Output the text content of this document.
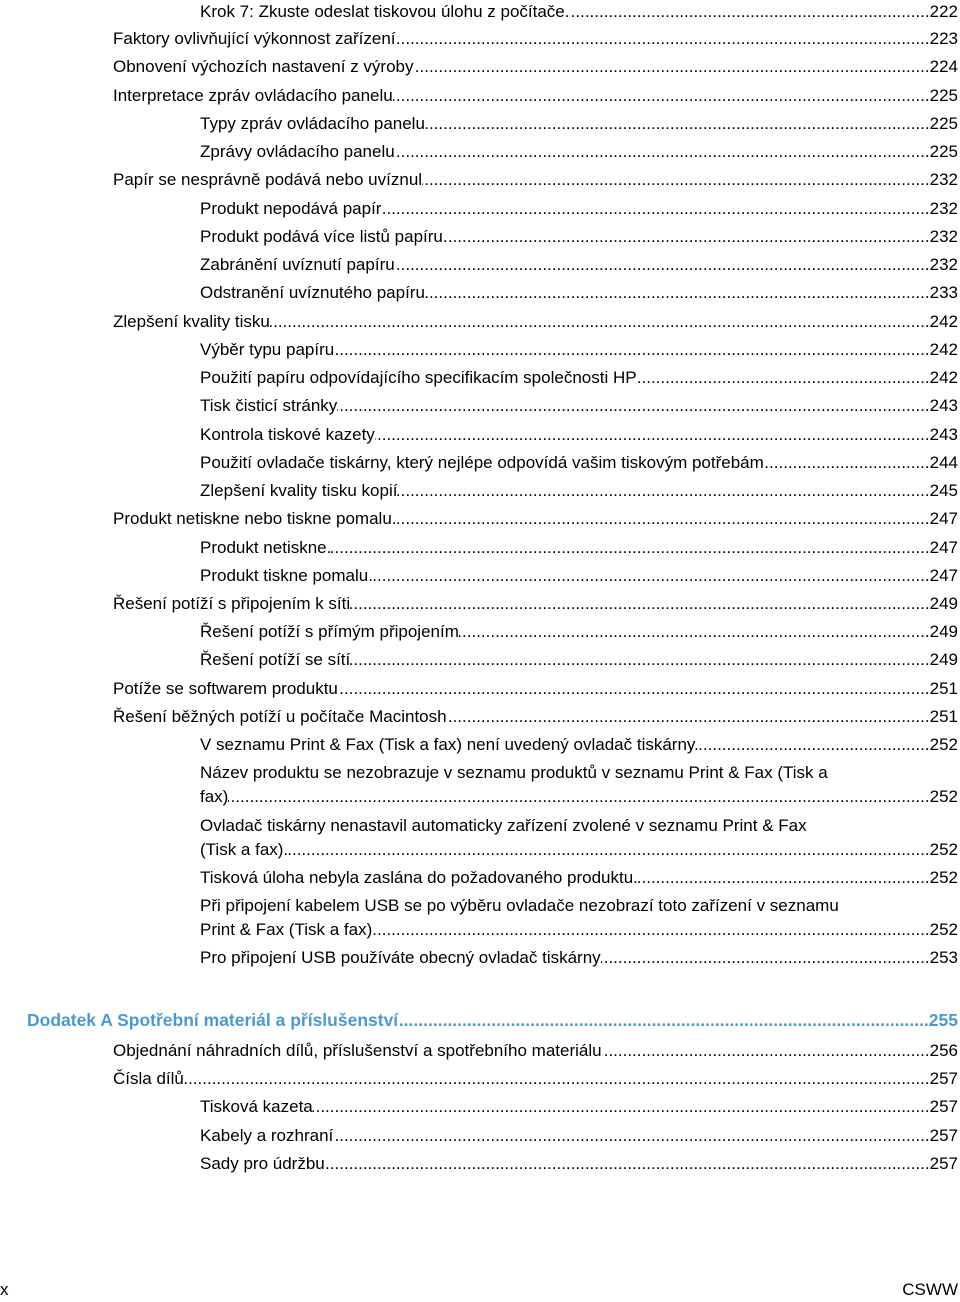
Krok 7: Zkuste odeslat tiskovou úlohu z počítače. .....	222
Faktory ovlivňující výkonnost zařízení .....	223
Obnovení výchozích nastavení z výroby .....	224
Interpretace zpráv ovládacího panelu .....	225
Typy zpráv ovládacího panelu .....	225
Zprávy ovládacího panelu .....	225
Papír se nesprávně podává nebo uvíznul .....	232
Produkt nepodává papír .....	232
Produkt podává více listů papíru. .....	232
Zabránění uvíznutí papíru .....	232
Odstranění uvíznutého papíru .....	233
Zlepšení kvality tisku .....	242
Výběr typu papíru .....	242
Použití papíru odpovídajícího specifikacím společnosti HP .....	242
Tisk čisticí stránky .....	243
Kontrola tiskové kazety .....	243
Použití ovladače tiskárny, který nejlépe odpovídá vašim tiskovým potřebám .....	244
Zlepšení kvality tisku kopií .....	245
Produkt netiskne nebo tiskne pomalu. .....	247
Produkt netiskne. .....	247
Produkt tiskne pomalu. .....	247
Řešení potíží s připojením k síti .....	249
Řešení potíží s přímým připojením .....	249
Řešení potíží se sítí .....	249
Potíže se softwarem produktu .....	251
Řešení běžných potíží u počítače Macintosh .....	251
V seznamu Print & Fax (Tisk a fax) není uvedený ovladač tiskárny. .....	252
Název produktu se nezobrazuje v seznamu produktů v seznamu Print & Fax (Tisk a
fax) .....	252
Ovladač tiskárny nenastavil automaticky zařízení zvolené v seznamu Print & Fax
(Tisk a fax). .....	252
Tisková úloha nebyla zaslána do požadovaného produktu. .....	252
Při připojení kabelem USB se po výběru ovladače nezobrazí toto zařízení v seznamu
Print & Fax (Tisk a fax). .....	252
Pro připojení USB používáte obecný ovladač tiskárny .....	253
Dodatek A Spotřební materiál a příslušenství .....	255
Objednání náhradních dílů, příslušenství a spotřebního materiálu .....	256
Čísla dílů .....	257
Tisková kazeta .....	257
Kabely a rozhraní .....	257
Sady pro údržbu .....	257
x	CSWW
